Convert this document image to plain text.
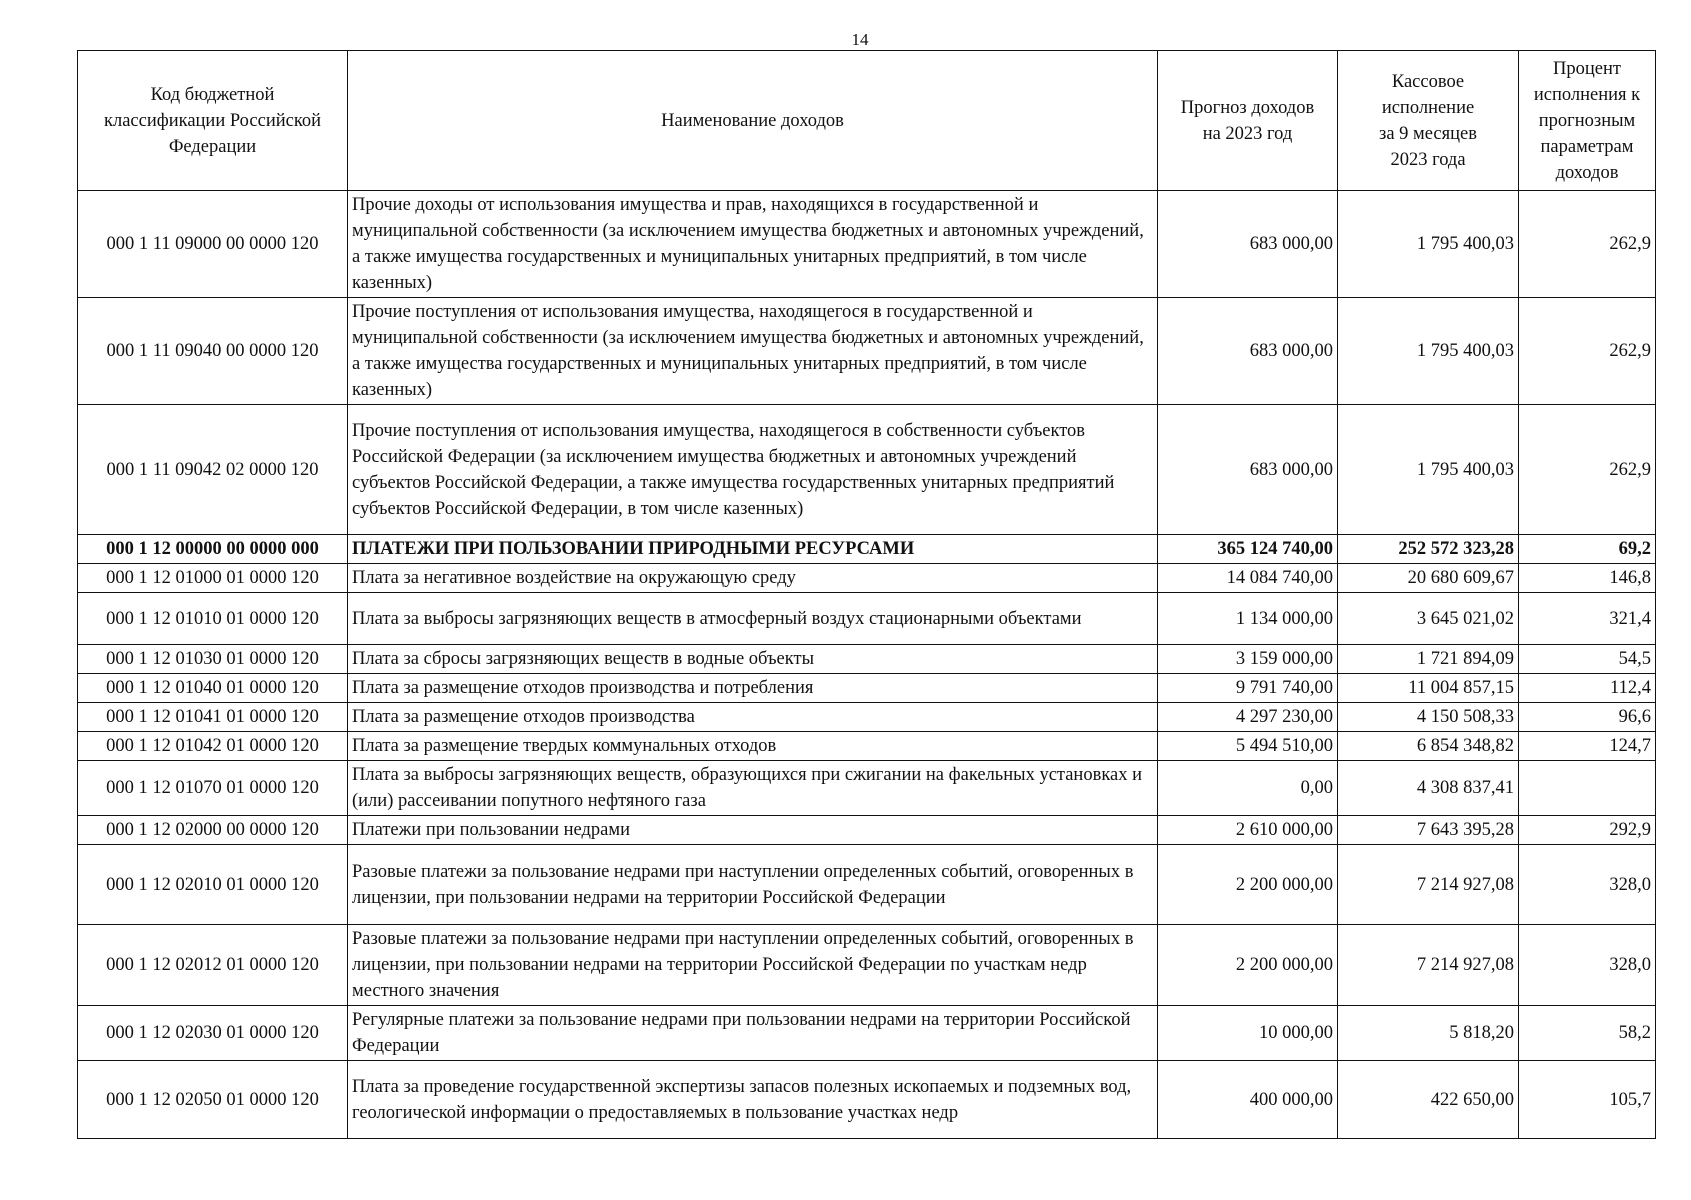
14
Код бюджетной классификации Российской Федерации	Наименование доходов	Прогноз доходов на 2023 год	Кассовое исполнение за 9 месяцев 2023 года	Процент исполнения к прогнозным параметрам доходов
000 1 11 09000 00 0000 120	Прочие доходы от использования имущества и прав, находящихся в государственной и муниципальной собственности (за исключением имущества бюджетных и автономных учреждений, а также имущества государственных и муниципальных унитарных предприятий, в том числе казенных)	683 000,00	1 795 400,03	262,9
000 1 11 09040 00 0000 120	Прочие поступления от использования имущества, находящегося в государственной и муниципальной собственности (за исключением имущества бюджетных и автономных учреждений, а также имущества государственных и муниципальных унитарных предприятий, в том числе казенных)	683 000,00	1 795 400,03	262,9
000 1 11 09042 02 0000 120	Прочие поступления от использования имущества, находящегося в собственности субъектов Российской Федерации (за исключением имущества бюджетных и автономных учреждений субъектов Российской Федерации, а также имущества государственных унитарных предприятий субъектов Российской Федерации, в том числе казенных)	683 000,00	1 795 400,03	262,9
000 1 12 00000 00 0000 000	ПЛАТЕЖИ ПРИ ПОЛЬЗОВАНИИ ПРИРОДНЫМИ РЕСУРСАМИ	365 124 740,00	252 572 323,28	69,2
000 1 12 01000 01 0000 120	Плата за негативное воздействие на окружающую среду	14 084 740,00	20 680 609,67	146,8
000 1 12 01010 01 0000 120	Плата за выбросы загрязняющих веществ в атмосферный воздух стационарными объектами	1 134 000,00	3 645 021,02	321,4
000 1 12 01030 01 0000 120	Плата за сбросы загрязняющих веществ в водные объекты	3 159 000,00	1 721 894,09	54,5
000 1 12 01040 01 0000 120	Плата за размещение отходов производства и потребления	9 791 740,00	11 004 857,15	112,4
000 1 12 01041 01 0000 120	Плата за размещение отходов производства	4 297 230,00	4 150 508,33	96,6
000 1 12 01042 01 0000 120	Плата за размещение твердых коммунальных отходов	5 494 510,00	6 854 348,82	124,7
000 1 12 01070 01 0000 120	Плата за выбросы загрязняющих веществ, образующихся при сжигании на факельных установках и (или) рассеивании попутного нефтяного газа	0,00	4 308 837,41	
000 1 12 02000 00 0000 120	Платежи при пользовании недрами	2 610 000,00	7 643 395,28	292,9
000 1 12 02010 01 0000 120	Разовые платежи за пользование недрами при наступлении определенных событий, оговоренных в лицензии, при пользовании недрами на территории Российской Федерации	2 200 000,00	7 214 927,08	328,0
000 1 12 02012 01 0000 120	Разовые платежи за пользование недрами при наступлении определенных событий, оговоренных в лицензии, при пользовании недрами на территории Российской Федерации по участкам недр местного значения	2 200 000,00	7 214 927,08	328,0
000 1 12 02030 01 0000 120	Регулярные платежи за пользование недрами при пользовании недрами на территории Российской Федерации	10 000,00	5 818,20	58,2
000 1 12 02050 01 0000 120	Плата за проведение государственной экспертизы запасов полезных ископаемых и подземных вод, геологической информации о предоставляемых в пользование участках недр	400 000,00	422 650,00	105,7
